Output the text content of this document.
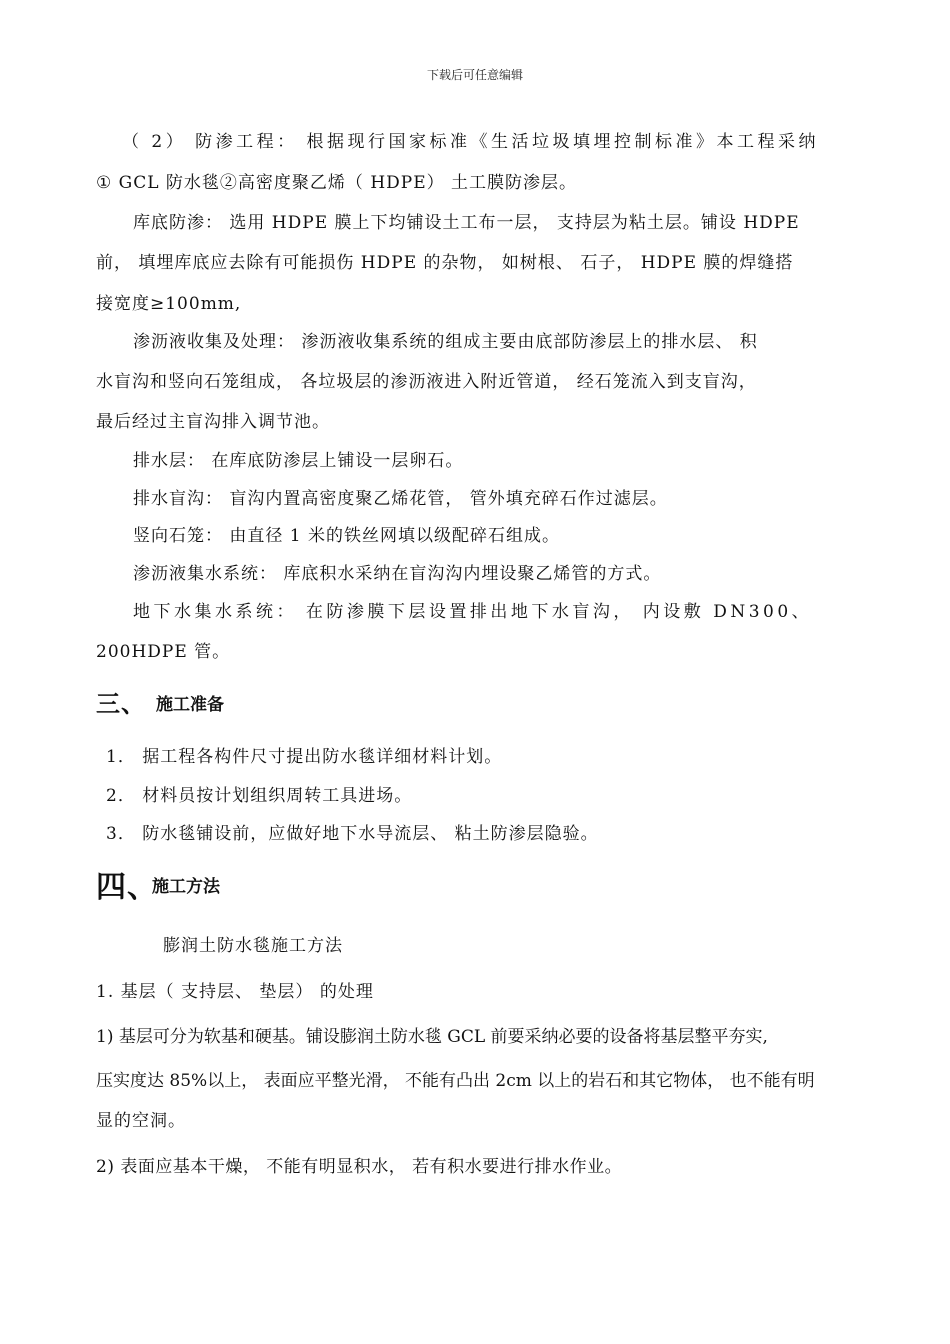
下载后可任意编辑
（ 2） 防渗工程： 根据现行国家标准《生活垃圾填埋控制标准》本工程采纳
① GCL 防水毯②高密度聚乙烯（ HDPE） 土工膜防渗层。
库底防渗： 选用 HDPE 膜上下均铺设土工布一层， 支持层为粘土层。铺设 HDPE
前， 填埋库底应去除有可能损伤 HDPE 的杂物， 如树根、 石子， HDPE 膜的焊缝搭
接宽度≥100mm,
渗沥液收集及处理： 渗沥液收集系统的组成主要由底部防渗层上的排水层、 积
水盲沟和竖向石笼组成， 各垃圾层的渗沥液进入附近管道， 经石笼流入到支盲沟，
最后经过主盲沟排入调节池。
排水层： 在库底防渗层上铺设一层卵石。
排水盲沟： 盲沟内置高密度聚乙烯花管， 管外填充碎石作过滤层。
竖向石笼： 由直径 1 米的铁丝网填以级配碎石组成。
渗沥液集水系统： 库底积水采纳在盲沟沟内埋设聚乙烯管的方式。
地下水集水系统： 在防渗膜下层设置排出地下水盲沟， 内设敷 DN300、
200HDPE 管。
三、 施工准备
1． 据工程各构件尺寸提出防水毯详细材料计划。
2． 材料员按计划组织周转工具进场。
3． 防水毯铺设前，应做好地下水导流层、 粘土防渗层隐验。
四、
施工方法
膨润土防水毯施工方法
1. 基层（ 支持层、 垫层） 的处理
1) 基层可分为软基和硬基。铺设膨润土防水毯 GCL 前要采纳必要的设备将基层整平夯实,
压实度达 85%以上， 表面应平整光滑， 不能有凸出 2cm 以上的岩石和其它物体， 也不能有明
显的空洞。
2) 表面应基本干燥， 不能有明显积水， 若有积水要进行排水作业。
